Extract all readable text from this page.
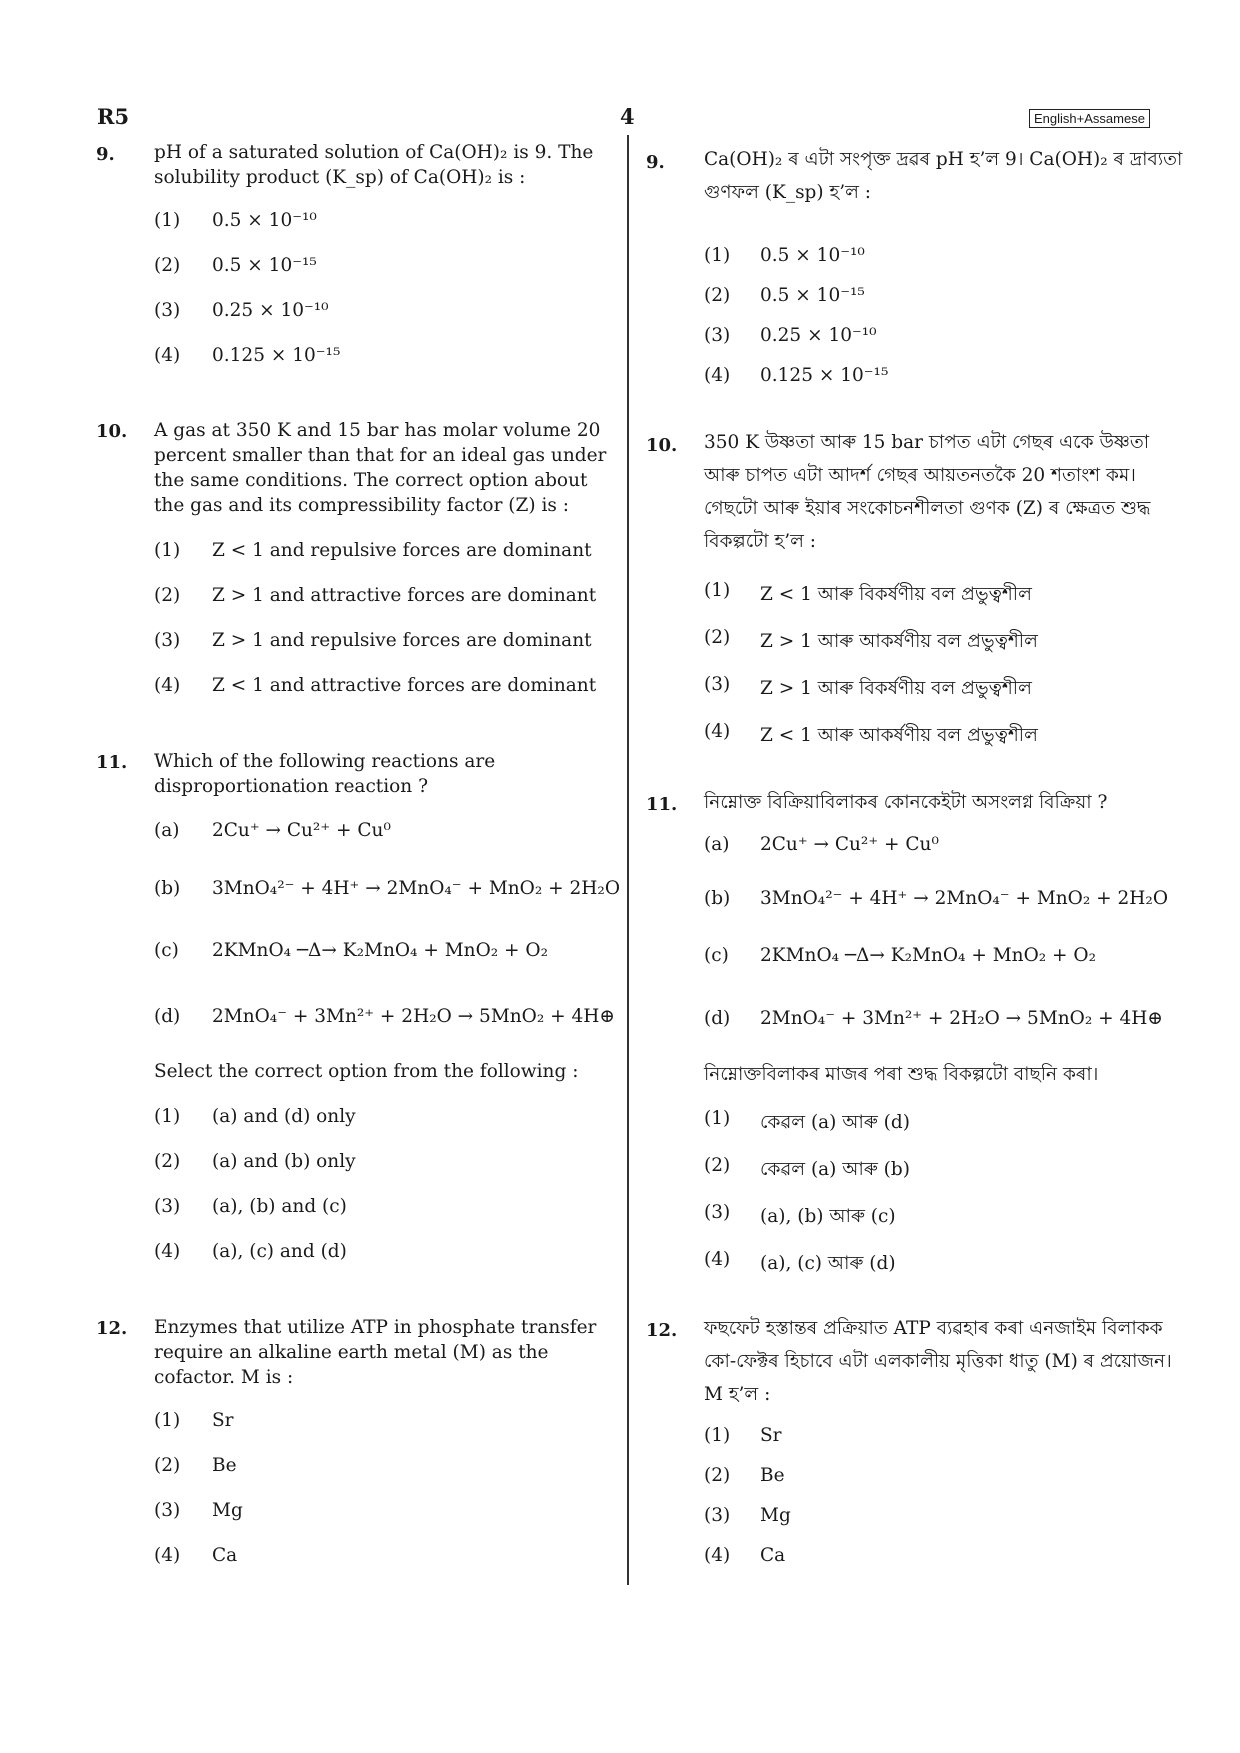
R5	4	English+Assamese
9. pH of a saturated solution of Ca(OH)₂ is 9. The solubility product (K_sp) of Ca(OH)₂ is :
(1) 0.5 × 10⁻¹⁰
(2) 0.5 × 10⁻¹⁵
(3) 0.25 × 10⁻¹⁰
(4) 0.125 × 10⁻¹⁵
10. A gas at 350 K and 15 bar has molar volume 20 percent smaller than that for an ideal gas under the same conditions. The correct option about the gas and its compressibility factor (Z) is :
(1) Z < 1 and repulsive forces are dominant
(2) Z > 1 and attractive forces are dominant
(3) Z > 1 and repulsive forces are dominant
(4) Z < 1 and attractive forces are dominant
11. Which of the following reactions are disproportionation reaction ?
(a) 2Cu⁺ → Cu²⁺ + Cu⁰
(b) 3MnO₄²⁻ + 4H⁺ → 2MnO₄⁻ + MnO₂ + 2H₂O
(c) 2KMnO₄ ─Δ→ K₂MnO₄ + MnO₂ + O₂
(d) 2MnO₄⁻ + 3Mn²⁺ + 2H₂O → 5MnO₂ + 4H⊕
Select the correct option from the following :
(1) (a) and (d) only
(2) (a) and (b) only
(3) (a), (b) and (c)
(4) (a), (c) and (d)
12. Enzymes that utilize ATP in phosphate transfer require an alkaline earth metal (M) as the cofactor. M is :
(1) Sr
(2) Be
(3) Mg
(4) Ca
9. Ca(OH)₂ ৰ এটা সংপৃক্ত দ্ৰৱৰ pH হ’ল 9। Ca(OH)₂ ৰ দ্ৰাব্যতা গুণফল (K_sp) হ’ল :
(1) 0.5 × 10⁻¹⁰
(2) 0.5 × 10⁻¹⁵
(3) 0.25 × 10⁻¹⁰
(4) 0.125 × 10⁻¹⁵
10. 350 K উষ্ণতা আৰু 15 bar চাপত এটা গেছৰ একে উষ্ণতা আৰু চাপত এটা আদৰ্শ গেছৰ আয়তনতকৈ 20 শতাংশ কম। গেছটো আৰু ইয়াৰ সংকোচনশীলতা গুণক (Z) ৰ ক্ষেত্ৰত শুদ্ধ বিকল্পটো হ’ল :
(1) Z < 1 আৰু বিকৰ্ষণীয় বল প্ৰভুত্বশীল
(2) Z > 1 আৰু আকৰ্ষণীয় বল প্ৰভুত্বশীল
(3) Z > 1 আৰু বিকৰ্ষণীয় বল প্ৰভুত্বশীল
(4) Z < 1 আৰু আকৰ্ষণীয় বল প্ৰভুত্বশীল
11. নিম্নোক্ত বিক্ৰিয়াবিলাকৰ কোনকেইটা অসংলগ্ন বিক্ৰিয়া ?
(a) 2Cu⁺ → Cu²⁺ + Cu⁰
(b) 3MnO₄²⁻ + 4H⁺ → 2MnO₄⁻ + MnO₂ + 2H₂O
(c) 2KMnO₄ ─Δ→ K₂MnO₄ + MnO₂ + O₂
(d) 2MnO₄⁻ + 3Mn²⁺ + 2H₂O → 5MnO₂ + 4H⊕
নিম্নোক্তবিলাকৰ মাজৰ পৰা শুদ্ধ বিকল্পটো বাছনি কৰা।
(1) কেৱল (a) আৰু (d)
(2) কেৱল (a) আৰু (b)
(3) (a), (b) আৰু (c)
(4) (a), (c) আৰু (d)
12. ফছফেট হস্তান্তৰ প্ৰক্ৰিয়াত ATP ব্যৱহাৰ কৰা এনজাইম বিলাকক কো-ফেক্টৰ হিচাবে এটা এলকালীয় মৃত্তিকা ধাতু (M) ৰ প্ৰয়োজন। M হ’ল :
(1) Sr
(2) Be
(3) Mg
(4) Ca
